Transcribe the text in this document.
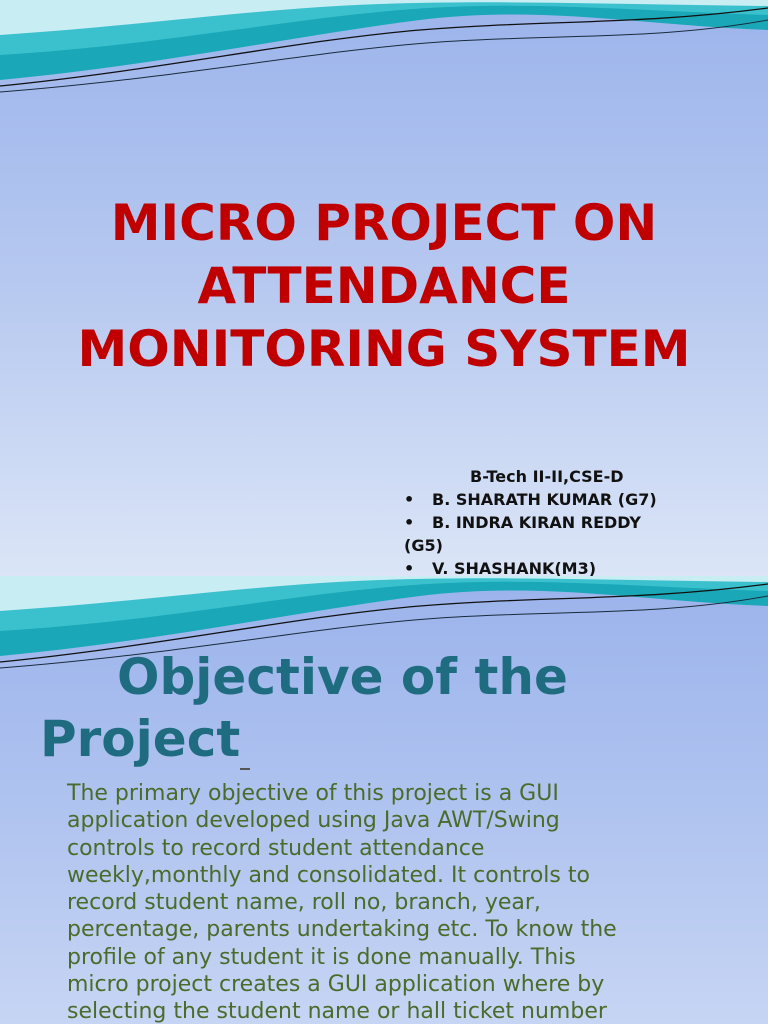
MICRO PROJECT ON
ATTENDANCE
MONITORING SYSTEM
B-Tech II-II,CSE-D
•	B. SHARATH KUMAR (G7)
•	B. INDRA KIRAN REDDY
(G5)
•	V. SHASHANK(M3)
Objective of the
Project
The primary objective of this project is a GUI
application developed using Java AWT/Swing
controls to record student attendance
weekly,monthly and consolidated. It controls to
record student name, roll no, branch, year,
percentage, parents undertaking etc. To know the
profile of any student it is done manually. This
micro project creates a GUI application where by
selecting the student name or hall ticket number
